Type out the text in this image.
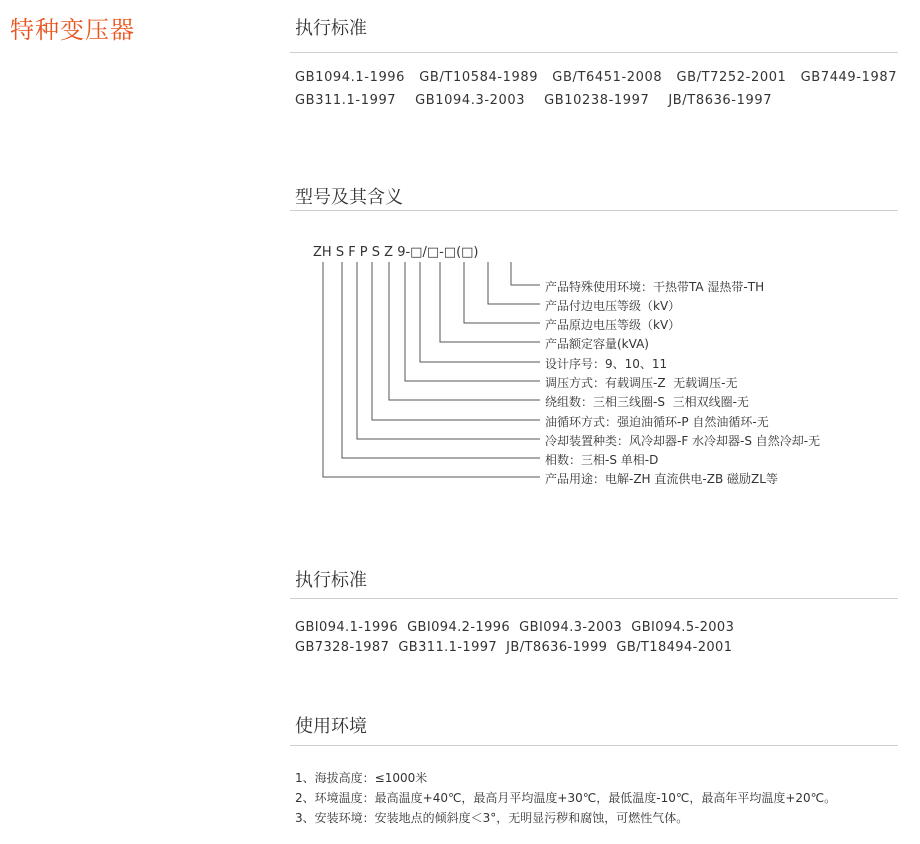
特种变压器	执行标准
GB1094.1-1996   GB/T10584-1989   GB/T6451-2008   GB/T7252-2001   GB7449-1987
GB311.1-1997    GB1094.3-2003    GB10238-1997    JB/T8636-1997
型号及其含义
ZH S F P S Z 9-□/□-□(□)
产品特殊使用环境：干热带TA 湿热带-TH
产品付边电压等级（kV）
产品原边电压等级（kV）
产品额定容量(kVA)
设计序号：9、10、11
调压方式：有载调压-Z  无载调压-无
绕组数：三相三线圈-S  三相双线圈-无
油循环方式：强迫油循环-P 自然油循环-无
冷却装置种类：风冷却器-F 水冷却器-S 自然冷却-无
相数：三相-S 单相-D
产品用途：电解-ZH 直流供电-ZB 磁励ZL等
执行标准
GBI094.1-1996  GBI094.2-1996  GBI094.3-2003  GBI094.5-2003
GB7328-1987  GB311.1-1997  JB/T8636-1999  GB/T18494-2001
使用环境
1、海拔高度：≤1000米
2、环境温度：最高温度+40℃，最高月平均温度+30℃，最低温度-10℃，最高年平均温度+20℃。
3、安装环境：安装地点的倾斜度＜3°，无明显污秽和腐蚀，可燃性气体。
